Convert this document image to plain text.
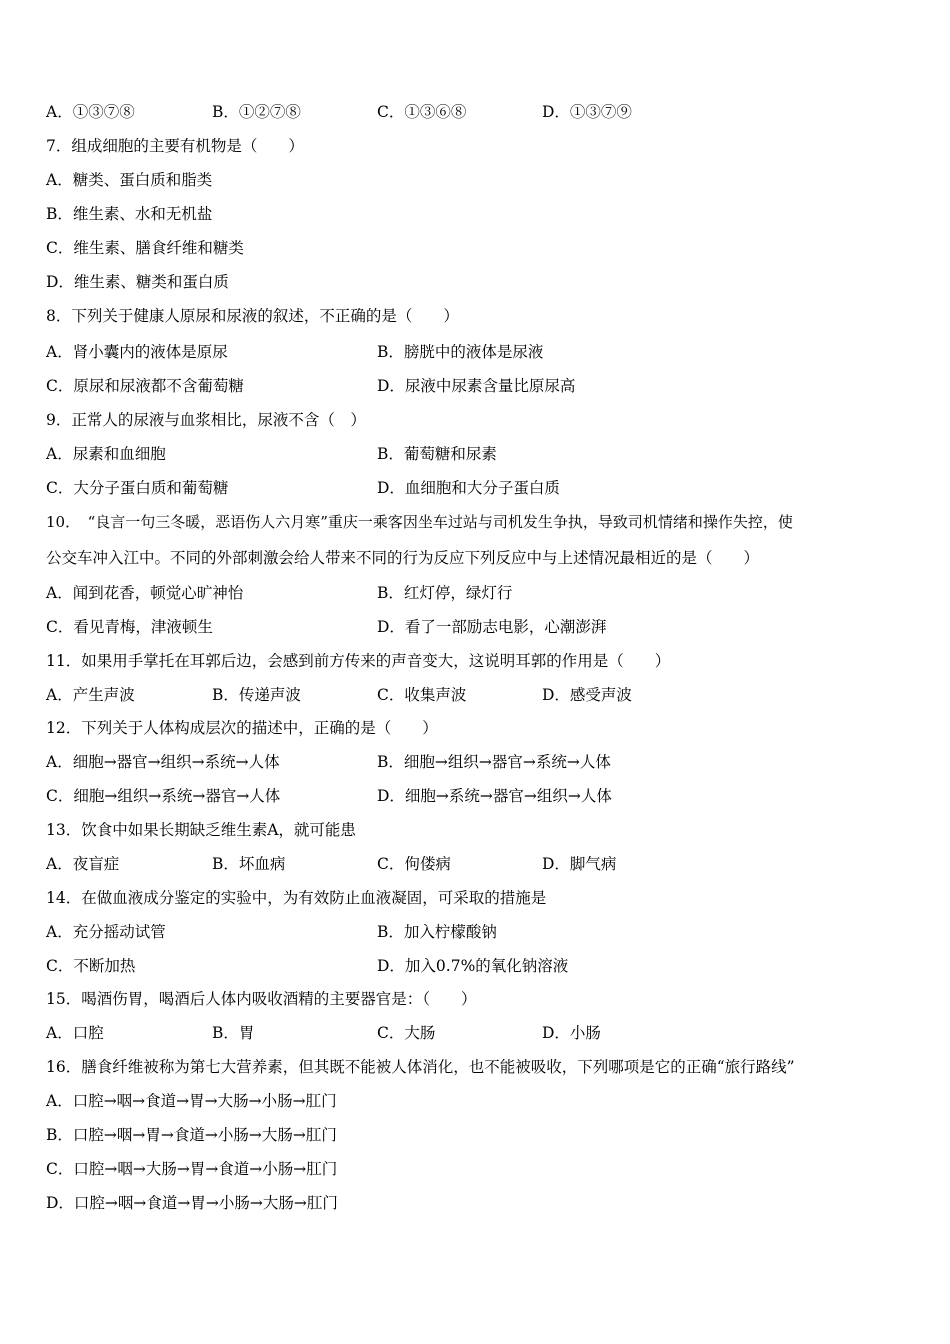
A．①③⑦⑧	B．①②⑦⑧	C．①③⑥⑧	D．①③⑦⑨
7．组成细胞的主要有机物是（　　）
A．糖类、蛋白质和脂类
B．维生素、水和无机盐
C．维生素、膳食纤维和糖类
D．维生素、糖类和蛋白质
8．下列关于健康人原尿和尿液的叙述，不正确的是（　　）
A．肾小囊内的液体是原尿	B．膀胱中的液体是尿液
C．原尿和尿液都不含葡萄糖	D．尿液中尿素含量比原尿高
9．正常人的尿液与血浆相比，尿液不含（　）
A．尿素和血细胞	B．葡萄糖和尿素
C．大分子蛋白质和葡萄糖	D．血细胞和大分子蛋白质
10．　“良言一句三冬暖，恶语伤人六月寒”重庆一乘客因坐车过站与司机发生争执，导致司机情绪和操作失控，使
公交车冲入江中。不同的外部刺激会给人带来不同的行为反应下列反应中与上述情况最相近的是（　　）
A．闻到花香，顿觉心旷神怡	B．红灯停，绿灯行
C．看见青梅，津液顿生	D．看了一部励志电影，心潮澎湃
11．如果用手掌托在耳郭后边，会感到前方传来的声音变大，这说明耳郭的作用是（　　）
A．产生声波	B．传递声波	C．收集声波	D．感受声波
12．下列关于人体构成层次的描述中，正确的是（　　）
A．细胞→器官→组织→系统→人体	B．细胞→组织→器官→系统→人体
C．细胞→组织→系统→器官→人体	D．细胞→系统→器官→组织→人体
13．饮食中如果长期缺乏维生素A，就可能患
A．夜盲症	B．坏血病	C．佝偻病	D．脚气病
14．在做血液成分鉴定的实验中，为有效防止血液凝固，可采取的措施是
A．充分摇动试管	B．加入柠檬酸钠
C．不断加热	D．加入0.7%的氧化钠溶液
15．喝酒伤胃，喝酒后人体内吸收酒精的主要器官是：（　　）
A．口腔	B．胃	C．大肠	D．小肠
16．膳食纤维被称为第七大营养素，但其既不能被人体消化，也不能被吸收，下列哪项是它的正确“旅行路线”
A．口腔→咽→食道→胃→大肠→小肠→肛门
B．口腔→咽→胃→食道→小肠→大肠→肛门
C．口腔→咽→大肠→胃→食道→小肠→肛门
D．口腔→咽→食道→胃→小肠→大肠→肛门
